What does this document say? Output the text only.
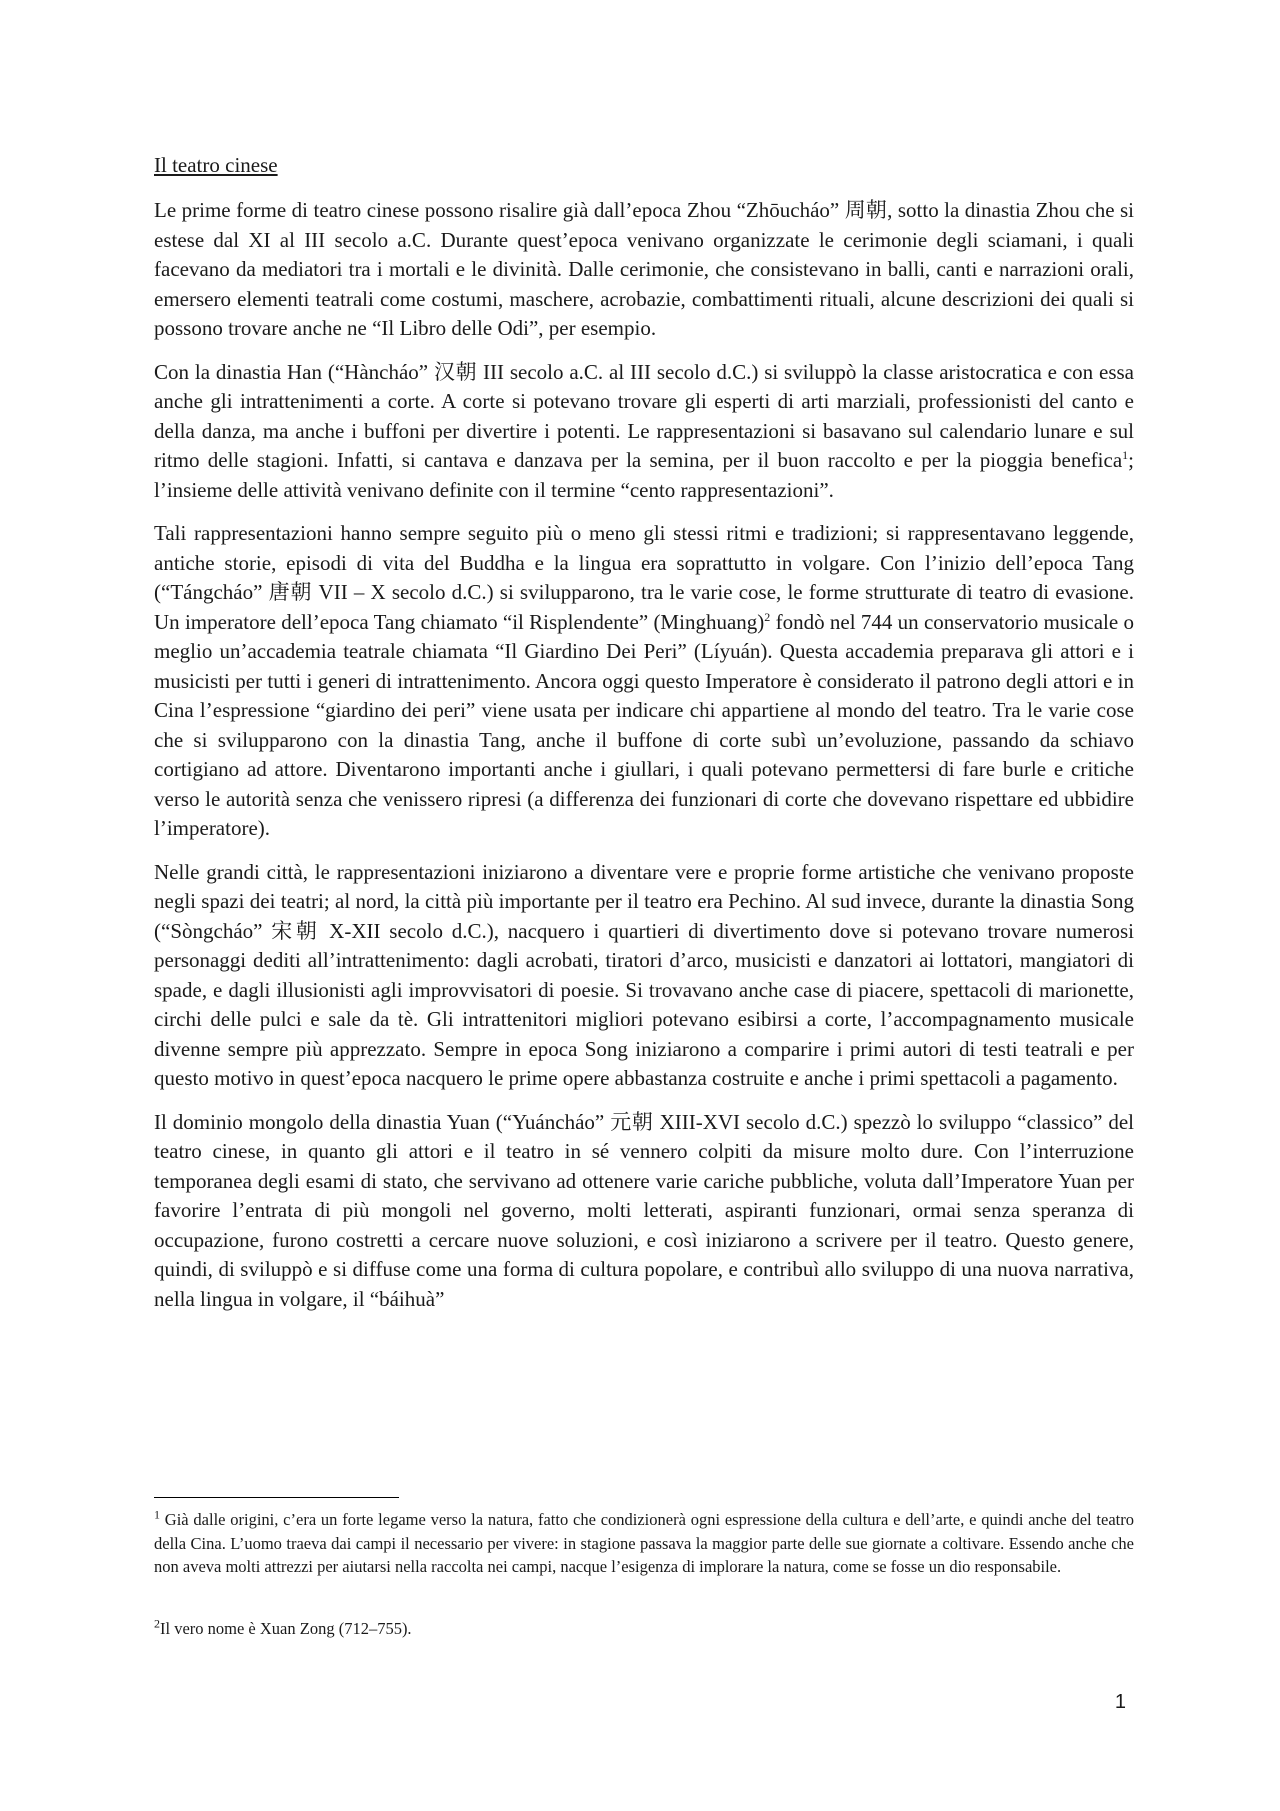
Il teatro cinese

Le prime forme di teatro cinese possono risalire già dall’epoca Zhou “Zhōucháo” 周朝, sotto la dinastia Zhou che si estese dal XI al III secolo a.C. Durante quest’epoca venivano organizzate le cerimonie degli sciamani, i quali facevano da mediatori tra i mortali e le divinità. Dalle cerimonie, che consistevano in balli, canti e narrazioni orali, emersero elementi teatrali come costumi, maschere, acrobazie, combattimenti rituali, alcune descrizioni dei quali si possono trovare anche ne “Il Libro delle Odi”, per esempio.

Con la dinastia Han (“Hàncháo” 汉朝 III secolo a.C. al III secolo d.C.) si sviluppò la classe aristocratica e con essa anche gli intrattenimenti a corte. A corte si potevano trovare gli esperti di arti marziali, professionisti del canto e della danza, ma anche i buffoni per divertire i potenti. Le rappresentazioni si basavano sul calendario lunare e sul ritmo delle stagioni. Infatti, si cantava e danzava per la semina, per il buon raccolto e per la pioggia benefica$^1$; l’insieme delle attività venivano definite con il termine “cento rappresentazioni”.

Tali rappresentazioni hanno sempre seguito più o meno gli stessi ritmi e tradizioni; si rappresentavano leggende, antiche storie, episodi di vita del Buddha e la lingua era soprattutto in volgare. Con l’inizio dell’epoca Tang (“Tángcháo” 唐朝 VII – X secolo d.C.) si svilupparono, tra le varie cose, le forme strutturate di teatro di evasione. Un imperatore dell’epoca Tang chiamato “il Risplendente” (Minghuang)$^2$ fondò nel 744 un conservatorio musicale o meglio un’accademia teatrale chiamata “Il Giardino Dei Peri” (Líyuán). Questa accademia preparava gli attori e i musicisti per tutti i generi di intrattenimento. Ancora oggi questo Imperatore è considerato il patrono degli attori e in Cina l’espressione “giardino dei peri” viene usata per indicare chi appartiene al mondo del teatro. Tra le varie cose che si svilupparono con la dinastia Tang, anche il buffone di corte subì un’evoluzione, passando da schiavo cortigiano ad attore. Diventarono importanti anche i giullari, i quali potevano permettersi di fare burle e critiche verso le autorità senza che venissero ripresi (a differenza dei funzionari di corte che dovevano rispettare ed ubbidire l’imperatore).

Nelle grandi città, le rappresentazioni iniziarono a diventare vere e proprie forme artistiche che venivano proposte negli spazi dei teatri; al nord, la città più importante per il teatro era Pechino. Al sud invece, durante la dinastia Song (“Sòngcháo” 宋朝 X-XII secolo d.C.), nacquero i quartieri di divertimento dove si potevano trovare numerosi personaggi dediti all’intrattenimento: dagli acrobati, tiratori d’arco, musicisti e danzatori ai lottatori, mangiatori di spade, e dagli illusionisti agli improvvisatori di poesie. Si trovavano anche case di piacere, spettacoli di marionette, circhi delle pulci e sale da tè. Gli intrattenitori migliori potevano esibirsi a corte, l’accompagnamento musicale divenne sempre più apprezzato. Sempre in epoca Song iniziarono a comparire i primi autori di testi teatrali e per questo motivo in quest’epoca nacquero le prime opere abbastanza costruite e anche i primi spettacoli a pagamento.

Il dominio mongolo della dinastia Yuan (“Yuáncháo” 元朝 XIII-XVI secolo d.C.) spezzò lo sviluppo “classico” del teatro cinese, in quanto gli attori e il teatro in sé vennero colpiti da misure molto dure. Con l’interruzione temporanea degli esami di stato, che servivano ad ottenere varie cariche pubbliche, voluta dall’Imperatore Yuan per favorire l’entrata di più mongoli nel governo, molti letterati, aspiranti funzionari, ormai senza speranza di occupazione, furono costretti a cercare nuove soluzioni, e così iniziarono a scrivere per il teatro. Questo genere, quindi, di sviluppò e si diffuse come una forma di cultura popolare, e contribuì allo sviluppo di una nuova narrativa, nella lingua in volgare, il “báihuà”

$^1$ Già dalle origini, c’era un forte legame verso la natura, fatto che condizionerà ogni espressione della cultura e dell’arte, e quindi anche del teatro della Cina. L’uomo traeva dai campi il necessario per vivere: in stagione passava la maggior parte delle sue giornate a coltivare. Essendo anche che non aveva molti attrezzi per aiutarsi nella raccolta nei campi, nacque l’esigenza di implorare la natura, come se fosse un dio responsabile.

$^2$Il vero nome è Xuan Zong (712–755).

1
